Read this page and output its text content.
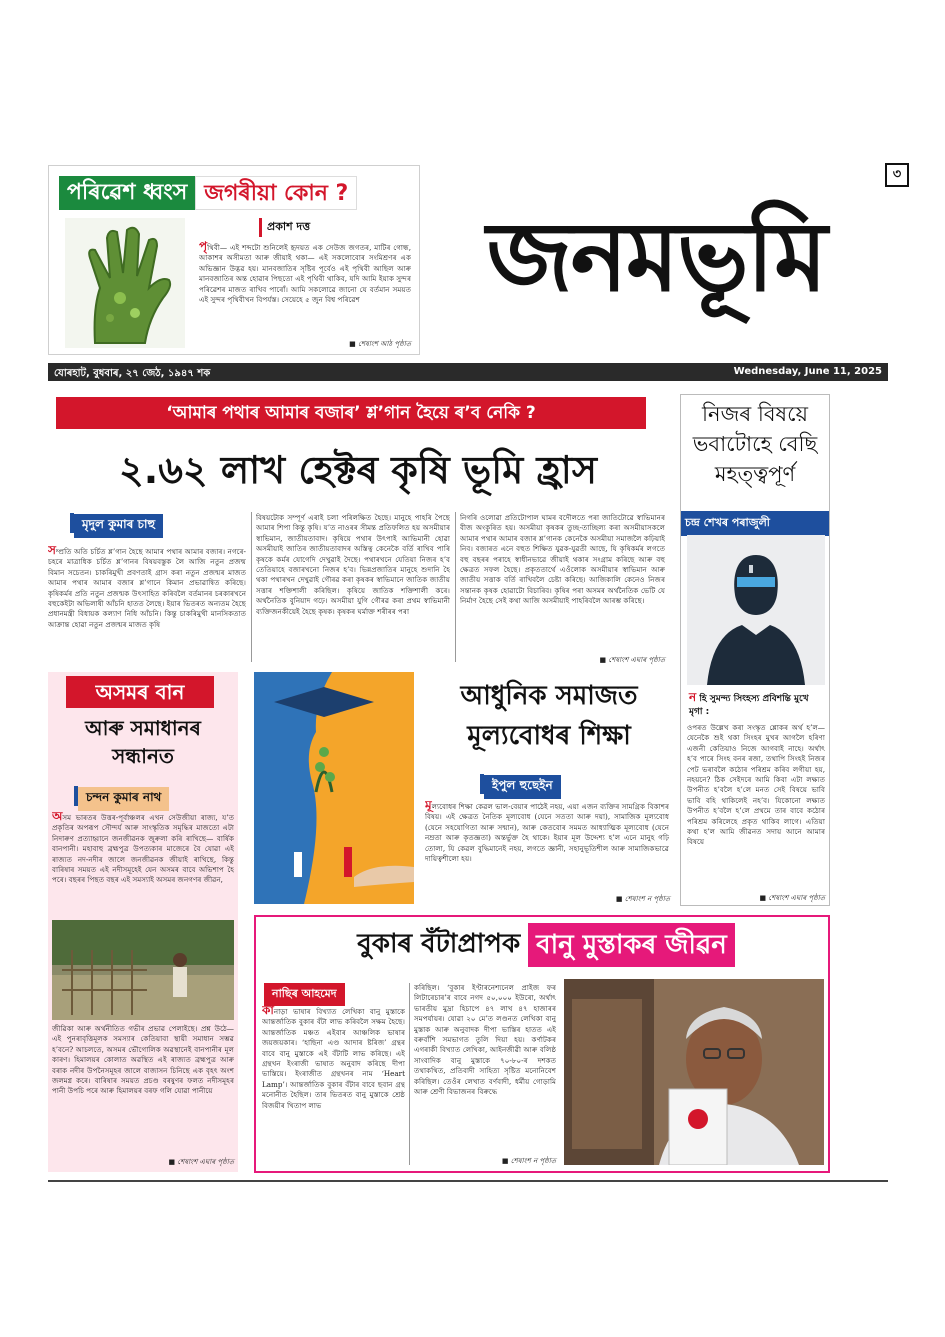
৩
পৰিৱেশ ধ্বংস জগৰীয়া কোন ?
প্ৰকাশ দত্ত
পৃথিবী— এই শব্দটো শুনিলেই হৃদয়ত এক সেউজ জগতৰ, মাটিৰ গোন্ধ, আকাশৰ অসীমতা আৰু জীয়াই থকা— এই সকলোবোৰ সংমিশ্ৰণৰ এক অভিজ্ঞান উদ্ভৱ হয়। মানবজাতিৰ সৃষ্টিৰ পূৰ্বেও এই পৃথিবী আছিল আৰু মানবজাতিৰ অন্ত হোৱাৰ পিছতো এই পৃথিবী থাকিব, যদি আমি ইয়াক সুন্দৰ পৰিৱেশৰ মাজত ৰাখিব পাৰোঁ। আমি সকলোৱে জানো যে বৰ্তমান সময়ত এই সুন্দৰ পৃথিবীখন বিপৰ্যস্ত। সেয়েহে ৫ জুন বিশ্ব পৰিৱেশ
■ শেষাংশ আঠ পৃষ্ঠাত
জনমভূমি
যোৰহাট, বুধবাৰ, ২৭ জেঠ, ১৯৪৭ শক	Wednesday, June 11, 2025
‘আমাৰ পথাৰ আমাৰ বজাৰ’ শ্ল’গান হৈয়ে ৰ’ব নেকি ?
২.৬২ লাখ হেক্টৰ কৃষি ভূমি হ্ৰাস
মৃদুল কুমাৰ চাহু
সম্প্ৰতি অতি চৰ্চিত শ্ল’গান হৈছে আমাৰ পথাৰ আমাৰ বজাৰ। নগৰে-চহৰে মাত্ৰাধিক চৰ্চিত শ্ল’গানৰ বিষয়বস্তুক লৈ আজি নতুন প্ৰজন্ম বিমান সচেতন। চাকৰিমুখী প্ৰবণতাই গ্ৰাস কৰা নতুন প্ৰজন্মৰ মাজত আমাৰ পথাৰ আমাৰ বজাৰ শ্ল’গানে কিমান প্ৰভাৱান্বিত কৰিছে। কৃষিকৰ্মৰ প্ৰতি নতুন প্ৰজন্মক উৎসাহিত কৰিবলৈ বৰ্তমানৰ চৰকাৰখনে বহুকেইটা অভিলাষী আঁচনি হাতত লৈছে। ইয়াৰ ভিতৰত অন্যতম হৈছে প্ৰধানমন্ত্ৰী বিধায়ক কল্যাণ নিধি আঁচনি। কিন্তু চাকৰিমুখী মানসিকতাত আক্ৰান্ত হোৱা নতুন প্ৰজন্মৰ মাজত কৃষি
বিষয়টোক সম্পূৰ্ণ এৰাই চলা পৰিলক্ষিত হৈছে। মানুহে পাহৰি পৈছে আমাৰ শিপা কিন্তু কৃষি। য’ত নাওৰৰ সীমন্ত প্ৰতিফলিত হয় অসমীয়াৰ স্বাভিমান, জাতীয়তাবাদ। কৃষিয়ে পথাৰ উৎপাই আভিমানী হোৱা অসমীয়াই জাতিৰ জাতীয়তাবাদৰ অস্তিত্ব কেনেকৈ বৰ্তি ৰাখিব পাৰি কৃষকে কৰ্মৰ যোগেদি দেখুৱাই দৈছে। পথাৰখনে যেতিয়া নিজৰ হ’ব তেতিয়াহে বজাৰখনো নিজৰ হ’ব। ভিন্নপ্ৰজাতিৰ মানুহে শুদানি হৈ থকা পথাৰখন দেখুৱাই গৌৰৱ কৰা কৃষকৰ স্বাভিমানে জাতিক জাতীয় সত্তাৰ শক্তিশালী কৰিছিল। কৃষিয়ে জাতিক শক্তিশালী কৰে। অৰ্থনৈতিক বুনিয়াদ গঢ়ে। অসমীয়া যুগি গৌৰৱ কৰা প্ৰথম স্বাভিমানী ব্যক্তিজনকীয়েই হৈছে কৃষক। কৃষকৰ ঘৰ্মাক্ত শৰীৰৰ পৰা
নিগৰি ওলোৱা প্ৰতিটোপাল ঘামৰ বদৌলতে পৰা জাতিটোৱে স্বাভিমানৰ বীজ অংকুৰিত হয়। অসমীয়া কৃষকৰ তুচ্ছ-তাচ্ছিল্য কৰা অসমীয়াসকলে আমাৰ পথাৰ আমাৰ বজাৰ শ্ল’গানক কেনেকৈ অসমীয়া সমাজলৈ কঢ়িয়াই নিব। বজাৰত এনে বহুত শিক্ষিত যুৱক-যুৱতী আছে, যি কৃষিকৰ্মৰ লগতে বহু বছৰৰ পৰাহে স্বাধীনভাৱে জীয়াই থকাৰ সংগ্ৰাম কৰিছে আৰু বহু ক্ষেত্ৰত সফল হৈছে। প্ৰকৃততাৰ্থে এওঁলোক অসমীয়াৰ স্বাভিমান আৰু জাতীয় সত্তাক বৰ্তি ৰাখিবলৈ চেষ্টা কৰিছে। আজিকালি কেনেও নিজৰ সন্তানক কৃষক হোৱাটো বিচাৰিব। কৃষিৰ পৰা অসমৰ অৰ্থনৈতিক ভেটি যে নিৰ্মাণ হৈছে সেই কথা আজি অসমীয়াই পাহৰিবলৈ আৰম্ভ কৰিছে।
■ শেষাংশ এঘাৰ পৃষ্ঠাত
নিজৰ বিষয়ে ভবাটোহে বেছি মহত্ত্বপূৰ্ণ
চন্দ্ৰ শেখৰ পৰাজুলী
ন হি সুমন্দ্য সিংহস্য প্ৰবিশন্তি মুখে মৃগা :
ওপৰত উল্লেখ কৰা সংস্কৃত শ্লোকৰ অৰ্থ হ’ল— যেনেকৈ শুই থকা সিংহৰ মুখৰ আগলৈ হৰিণা এজনী কেতিয়াও নিজে আগবাই নাহে। অৰ্থাৎ হ’ব পাৰে সিংহ বনৰ ৰজা, তথাপি সিংহই নিজৰ পেট ভৰাবলৈ কঠোৰ পৰিশ্ৰম কৰিব লগীয়া হয়, নহয়নে? ঠিক সেইদৰে আমি কিবা এটা লক্ষ্যত উপনীত হ’বলৈ হ’লে মনত সেই বিষয়ে ভাবি ভাবি বহি থাকিলেই নহ’ব। যিকোনো লক্ষ্যত উপনীত হ’বলৈ হ’লে প্ৰথমে তাৰ বাবে কঠোৰ পৰিশ্ৰম কৰিলেহে প্ৰকৃত থাকিব লাগে। এতিয়া কথা হ’ল আমি জীৱনত সদায় আনে আমাৰ বিষয়ে
■ শেষাংশ এঘাৰ পৃষ্ঠাত
অসমৰ বান
আৰু সমাধানৰ সন্ধানত
চন্দন কুমাৰ নাথ
অসম ভাৰতৰ উত্তৰ-পূৰ্বাঞ্চলৰ এখন সেউজীয়া ৰাজ্য, য’ত প্ৰকৃতিৰ অপৰূপ সৌন্দৰ্য আৰু সাংস্কৃতিক সমৃদ্ধিৰ মাজতো এটা নিদাৰুণ প্ৰত্যাহ্বানে জনজীৱনক জুৰুলা কৰি ৰাখিছে— বাৰ্ষিক বানপানী। মহাবাহু ব্ৰহ্মপুত্ৰ উপত্যকাৰ মাজেৰে বৈ যোৱা এই ৰাজ্যত নদ-নদীৰ জালে জনজীৱনক জীয়াই ৰাখিছে, কিন্তু বাৰিষাৰ সময়ত এই নদীসমূহেই যেন অসমৰ বাবে অভিশাপ হৈ পৰে। বছৰৰ পিছত বছৰ এই সমস্যাই অসমৰ জনগণৰ জীৱন,
জীৱিকা আৰু অৰ্থনীতিত গভীৰ প্ৰভাৱ পেলাইছে। প্ৰশ্ন উঠে— এই পুনৰাবৃত্তিমূলক সমস্যাৰ কেতিয়াবা স্থায়ী সমাধান সম্ভৱ হ’বনে? আচলতে, অসমৰ ভৌগোলিক অৱস্থানেই বানপানীৰ মূল কাৰণ। হিমালয়ৰ কোলাত অৱস্থিত এই ৰাজ্যত ব্ৰহ্মপুত্ৰ আৰু বৰাক নদীৰ উপনৈসমূহৰ জালে বাজাসন চিনিছে এক বৃহৎ অংশ জলমগ্ন কৰে। বাৰিষাৰ সময়ত প্ৰচণ্ড বৰষুণৰ ফলত নদীসমূহৰ পানী উপচি পৰে আৰু হিমালয়ৰ বৰফ গলি যোৱা পানীয়ে
■ শেষাংশ এঘাৰ পৃষ্ঠাত
আধুনিক সমাজত
মূল্যবোধৰ শিক্ষা
ইপুল হুছেইন
মূল্যবোধৰ শিক্ষা কেৱল ভাল-বেয়াৰ পাঠেই নহয়, এয়া এজন ব্যক্তিৰ সামগ্ৰিক বিকাশৰ বিষয়। এই ক্ষেত্ৰত নৈতিক মূল্যবোধ (যেনে সততা আৰু দয়া), সামাজিক মূল্যবোধ (যেনে সহযোগিতা আৰু সন্মান), আৰু কেতবোৰ সমমত আধ্যাত্মিক মূল্যবোধ (যেনে নম্ৰতা আৰু কৃতজ্ঞতা) অন্তৰ্ভুক্ত হৈ থাকে। ইয়াৰ মূল উদ্দেশ্য হ’ল এনে মানুহ গঢ়ি তোলা, যি কেৱল বুদ্ধিমানেই নহয়, লগতে জ্ঞানী, সহানুভূতিশীল আৰু সামাজিকভাৱে দায়িত্বশীলো হয়।
■ শেষাংশ ন পৃষ্ঠাত
বুকাৰ বঁটাপ্ৰাপক বানু মুস্তাকৰ জীৱন
নাছিৰ আহমেদ
কানাড়া ভাষাৰ বিখ্যাত লেখিকা বানু মুস্তাকে আন্তৰ্জাতিক বুকাৰ বঁটা লাভ কৰিবলৈ সক্ষম হৈছে। আন্তৰ্জাতিক মঞ্চত এইবাৰ আঞ্চলিক ভাষাৰ জয়জয়কাৰ। ‘হাছিনা এণ্ড আদাৰ ষ্টৰিজ’ গ্ৰন্থৰ বাবে বানু মুস্তাকে এই বঁটাটি লাভ কৰিছে। এই গ্ৰন্থখন ইংৰাজী ভাষাত অনুবাদ কৰিছে দীপা ভাস্তিয়ে। ইংৰাজীত গ্ৰন্থখনৰ নাম ‘Heart Lamp’। আন্তৰ্জাতিক বুকাৰ বঁটাৰ বাবে ছবান গ্ৰন্থ মনোনীত হৈছিল। তাৰ ভিতৰত বানু মুস্তাকে শ্ৰেষ্ঠ বিজয়ীৰ খিতাপ লাভ
কৰিছিল। ‘বুকাৰ ইণ্টাৰনেশ্যনেল প্ৰাইজ ফৰ লিটাৰেচাৰ’ৰ বাবে নগদ ৫০,০০০ ইউৰো, অৰ্থাৎ ভাৰতীয় মুদ্ৰা হিচাপে ৪৭ লাখ ৪৭ হাজাৰৰ সমপৰ্যায়ৰ। যোৱা ২০ মে’ত লণ্ডনত লেখিকা বানু মুস্তাক আৰু অনুবাদক দীপা ভাস্তিৰ হাতত এই বৰুবাঁশি সমভাগত তুলি দিয়া হয়। কৰ্ণাটকৰ এগৰাকী বিখ্যাত লেখিকা, আইনজীৱী আৰু বলিষ্ঠ সাংবাদিক বানু মুস্তাকে ৭০-৮০-ৰ দশকত তথাকথিত, প্ৰতিবাদী সাহিত্য সৃষ্টিত মনোনিবেশ কৰিছিল। তেওঁৰ লেখাত বৰ্ণবাদী, ধৰ্মীয় গোড়ামি আৰু শ্ৰেণী বিভাজনৰ বিৰুদ্ধে
■ শেষাংশ ন পৃষ্ঠাত
